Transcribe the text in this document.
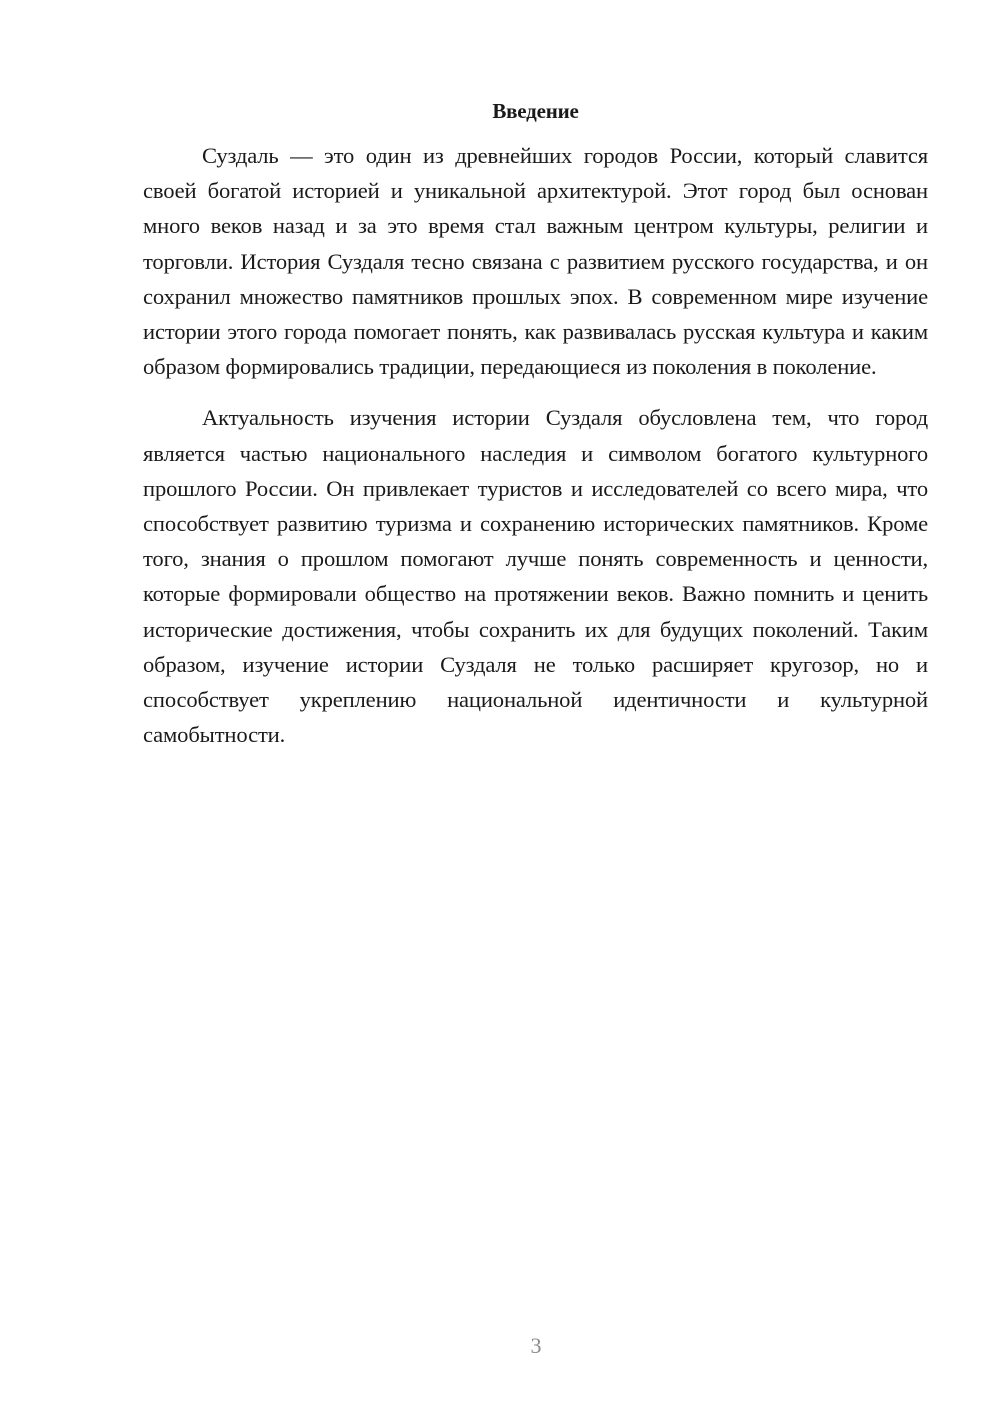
Введение

Суздаль — это один из древнейших городов России, который славится своей богатой историей и уникальной архитектурой. Этот город был основан много веков назад и за это время стал важным центром культуры, религии и торговли. История Суздаля тесно связана с развитием русского государства, и он сохранил множество памятников прошлых эпох. В современном мире изучение истории этого города помогает понять, как развивалась русская культура и каким образом формировались традиции, передающиеся из поколения в поколение.

Актуальность изучения истории Суздаля обусловлена тем, что город является частью национального наследия и символом богатого культурного прошлого России. Он привлекает туристов и исследователей со всего мира, что способствует развитию туризма и сохранению исторических памятников. Кроме того, знания о прошлом помогают лучше понять современность и ценности, которые формировали общество на протяжении веков. Важно помнить и ценить исторические достижения, чтобы сохранить их для будущих поколений. Таким образом, изучение истории Суздаля не только расширяет кругозор, но и способствует укреплению национальной идентичности и культурной самобытности.

3
